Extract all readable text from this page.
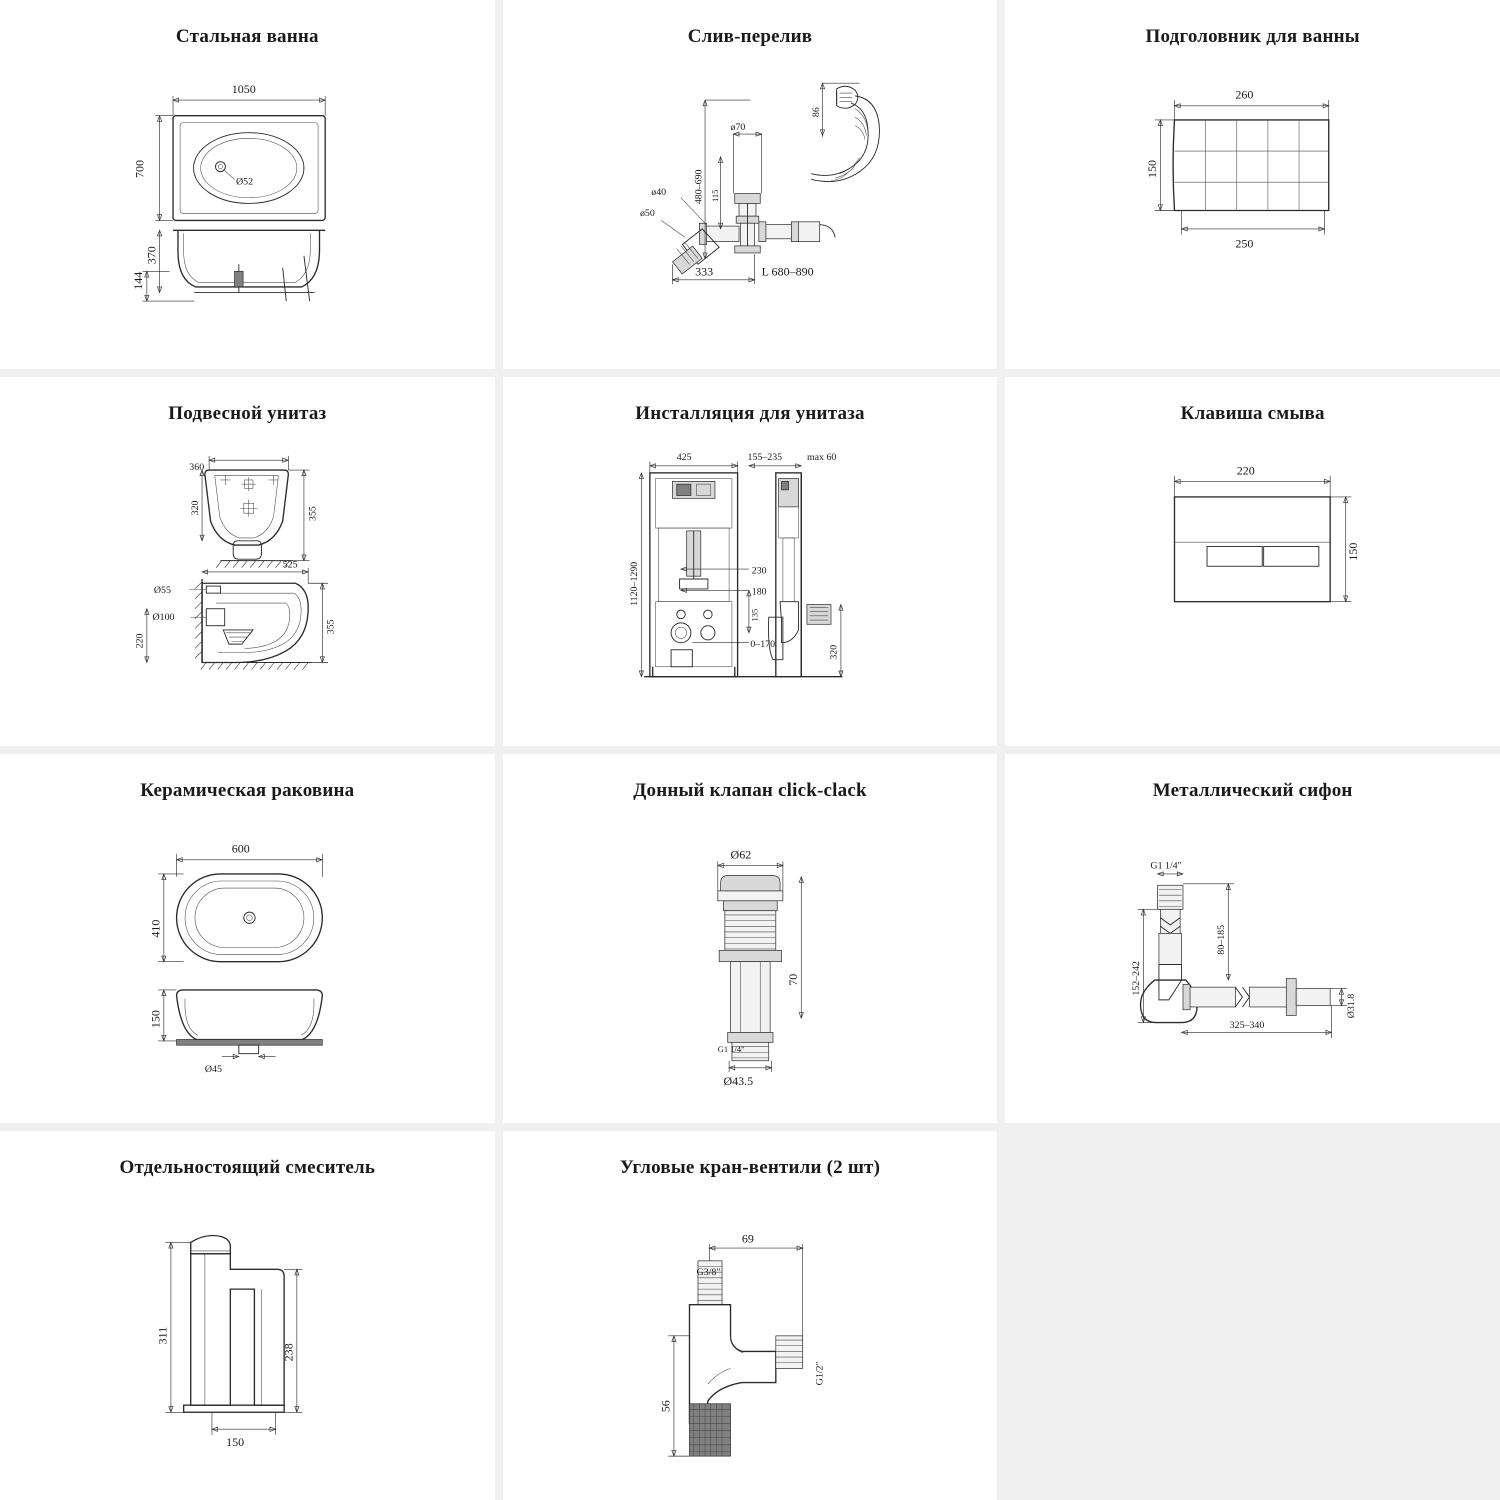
Стальная ванна
Ø52
1050
700
370
144
Слив-перелив
86
480–690
ø70
115
ø40
ø50
333	L 680–890
Подголовник для ванны
260
150
250
Подвесной унитаз
360
320	355
525
Ø55
Ø100
220
355
Инсталляция для унитаза
425	155–235 max 60
1120–1290	230
180
135
0–170
320
Клавиша смыва
220
150
Керамическая раковина
600
410
150
Ø45
Донный клапан click-clack
Ø62
70
G1 1/4"
Ø43.5
Металлический сифон
G1 1/4"
80–185
152–242
Ø31.8
325–340
Отдельностоящий смеситель
311
238
150
Угловые кран-вентили (2 шт)
69
G3/8"
G1/2"
56
